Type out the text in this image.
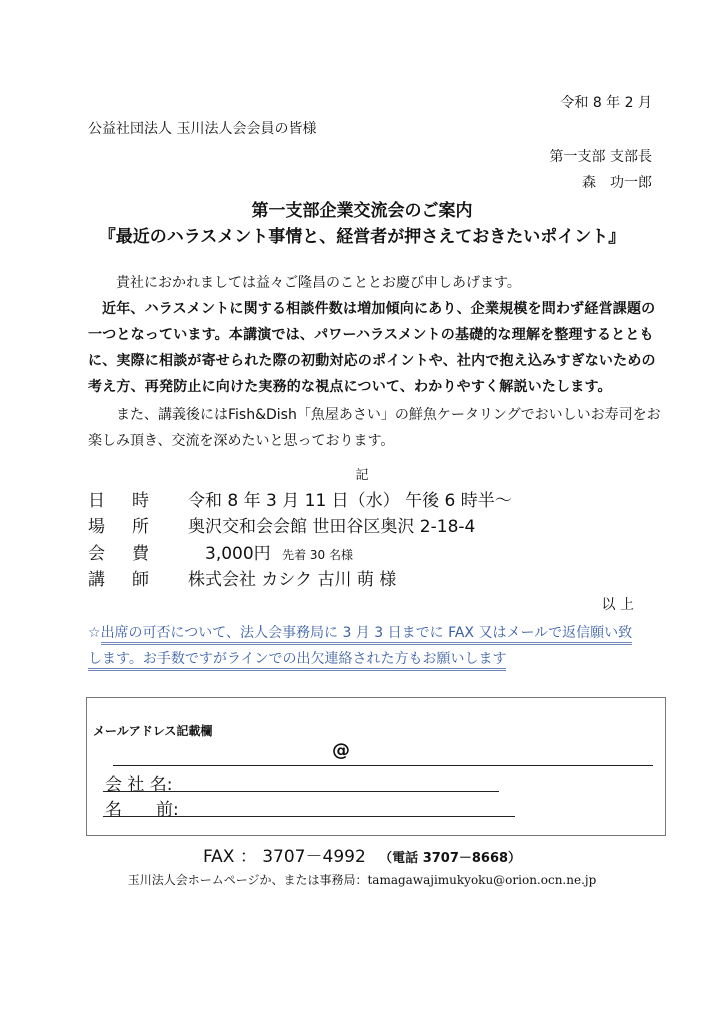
令和 8 年 2 月
公益社団法人 玉川法人会会員の皆様
第一支部 支部長
森　功一郎
第一支部企業交流会のご案内
『最近のハラスメント事情と、経営者が押さえておきたいポイント』
貴社におかれましては益々ご隆昌のこととお慶び申しあげます。
近年、ハラスメントに関する相談件数は増加傾向にあり、企業規模を問わず経営課題の一つとなっています。本講演では、パワーハラスメントの基礎的な理解を整理するとともに、実際に相談が寄せられた際の初動対応のポイントや、社内で抱え込みすぎないための考え方、再発防止に向けた実務的な視点について、わかりやすく解説いたします。
また、講義後にはFish&Dish「魚屋あさい」の鮮魚ケータリングでおいしいお寿司をお楽しみ頂き、交流を深めたいと思っております。
記
日 時 令和 8 年 3 月 11 日（水） 午後 6 時半～
場 所 奥沢交和会会館 世田谷区奥沢 2-18-4
会 費 　3,000円 先着 30 名様
講 師 株式会社 カシク 古川 萌 様
以 上
☆出席の可否について、法人会事務局に 3 月 3 日までに FAX 又はメールで返信願い致
します。お手数ですがラインでの出欠連絡された方もお願いします
メールアドレス記載欄
@
会 社 名:
名　　前:
FAX ： 3707－4992 （電話 3707－8668）
玉川法人会ホームページか、または事務局：tamagawajimukyoku@orion.ocn.ne.jp
